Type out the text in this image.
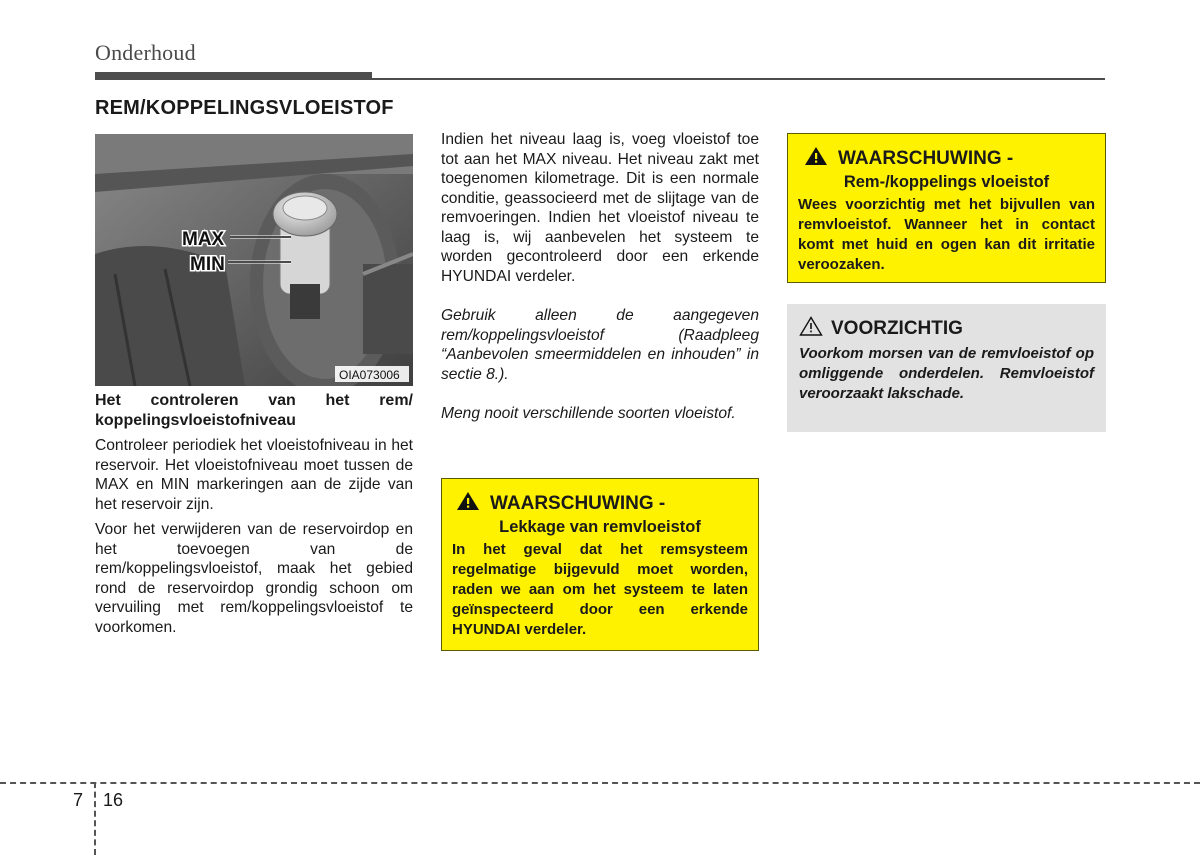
Onderhoud
REM/KOPPELINGSVLOEISTOF
MAX
MIN
OIA073006
Het controleren van het rem/ koppelingsvloeistofniveau

Controleer periodiek het vloeistofniveau in het reservoir. Het vloeistofniveau moet tussen de MAX en MIN markeringen aan de zijde van het reservoir zijn.

Voor het verwijderen van de reservoirdop en het toevoegen van de rem/koppelingsvloeistof, maak het gebied rond de reservoirdop grondig schoon om vervuiling met rem/koppelingsvloeistof te voorkomen.

Indien het niveau laag is, voeg vloeistof toe tot aan het MAX niveau. Het niveau zakt met toegenomen kilometrage. Dit is een normale conditie, geassocieerd met de slijtage van de remvoeringen. Indien het vloeistof niveau te laag is, wij aanbevelen het systeem te worden gecontroleerd door een erkende HYUNDAI verdeler.

Gebruik alleen de aangegeven rem/koppelingsvloeistof (Raadpleeg “Aanbevolen smeermiddelen en inhouden” in sectie 8.).

Meng nooit verschillende soorten vloeistof.

WAARSCHUWING -
Lekkage van remvloeistof
In het geval dat het remsysteem regelmatige bijgevuld moet worden, raden we aan om het systeem te laten geïnspecteerd door een erkende HYUNDAI verdeler.
WAARSCHUWING -
Rem-/koppelings vloeistof
Wees voorzichtig met het bijvullen van remvloeistof. Wanneer het in contact komt met huid en ogen kan dit irritatie veroozaken.
VOORZICHTIG
Voorkom morsen van de remvloeistof op omliggende onderdelen. Remvloeistof veroorzaakt lakschade.
7 16
